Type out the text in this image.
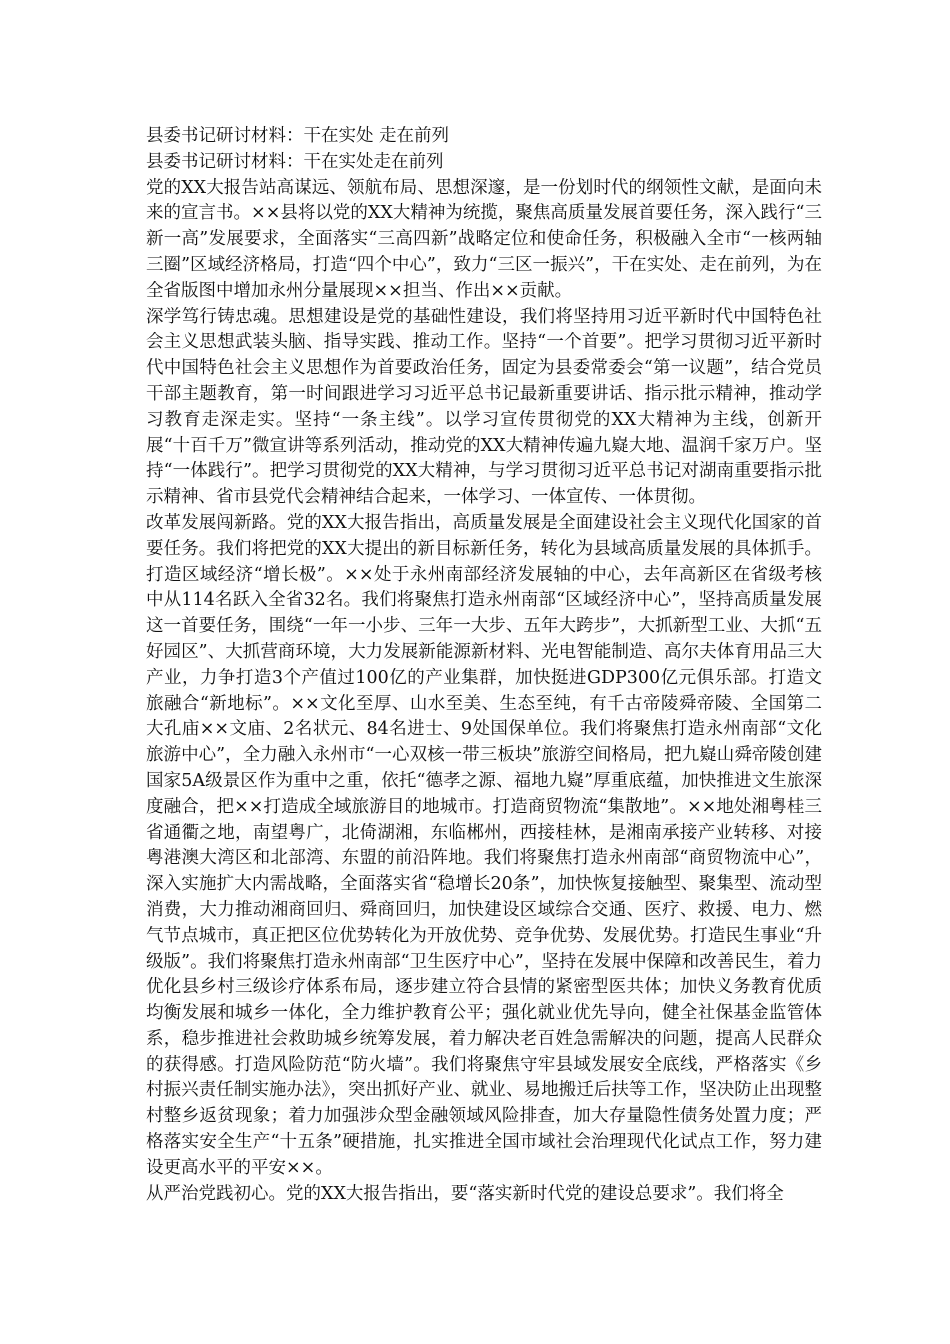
县委书记研讨材料：干在实处 走在前列

县委书记研讨材料：干在实处走在前列

党的XX大报告站高谋远、领航布局、思想深邃，是一份划时代的纲领性文献，是面向未来的宣言书。××县将以党的XX大精神为统揽，聚焦高质量发展首要任务，深入践行“三新一高”发展要求，全面落实“三高四新”战略定位和使命任务，积极融入全市“一核两轴三圈”区域经济格局，打造“四个中心”，致力“三区一振兴”，干在实处、走在前列，为在全省版图中增加永州分量展现××担当、作出××贡献。

深学笃行铸忠魂。思想建设是党的基础性建设，我们将坚持用习近平新时代中国特色社会主义思想武装头脑、指导实践、推动工作。坚持“一个首要”。把学习贯彻习近平新时代中国特色社会主义思想作为首要政治任务，固定为县委常委会“第一议题”，结合党员干部主题教育，第一时间跟进学习习近平总书记最新重要讲话、指示批示精神，推动学习教育走深走实。坚持“一条主线”。以学习宣传贯彻党的XX大精神为主线，创新开展“十百千万”微宣讲等系列活动，推动党的XX大精神传遍九嶷大地、温润千家万户。坚持“一体践行”。把学习贯彻党的XX大精神，与学习贯彻习近平总书记对湖南重要指示批示精神、省市县党代会精神结合起来，一体学习、一体宣传、一体贯彻。

改革发展闯新路。党的XX大报告指出，高质量发展是全面建设社会主义现代化国家的首要任务。我们将把党的XX大提出的新目标新任务，转化为县域高质量发展的具体抓手。打造区域经济“增长极”。××处于永州南部经济发展轴的中心，去年高新区在省级考核中从114名跃入全省32名。我们将聚焦打造永州南部“区域经济中心”，坚持高质量发展这一首要任务，围绕“一年一小步、三年一大步、五年大跨步”，大抓新型工业、大抓“五好园区”、大抓营商环境，大力发展新能源新材料、光电智能制造、高尔夫体育用品三大产业，力争打造3个产值过100亿的产业集群，加快挺进GDP300亿元俱乐部。打造文旅融合“新地标”。××文化至厚、山水至美、生态至纯，有千古帝陵舜帝陵、全国第二大孔庙××文庙、2名状元、84名进士、9处国保单位。我们将聚焦打造永州南部“文化旅游中心”，全力融入永州市“一心双核一带三板块”旅游空间格局，把九嶷山舜帝陵创建国家5A级景区作为重中之重，依托“德孝之源、福地九嶷”厚重底蕴，加快推进文生旅深度融合，把××打造成全域旅游目的地城市。打造商贸物流“集散地”。××地处湘粤桂三省通衢之地，南望粤广，北倚湖湘，东临郴州，西接桂林，是湘南承接产业转移、对接粤港澳大湾区和北部湾、东盟的前沿阵地。我们将聚焦打造永州南部“商贸物流中心”，深入实施扩大内需战略，全面落实省“稳增长20条”，加快恢复接触型、聚集型、流动型消费，大力推动湘商回归、舜商回归，加快建设区域综合交通、医疗、救援、电力、燃气节点城市，真正把区位优势转化为开放优势、竞争优势、发展优势。打造民生事业“升级版”。我们将聚焦打造永州南部“卫生医疗中心”，坚持在发展中保障和改善民生，着力优化县乡村三级诊疗体系布局，逐步建立符合县情的紧密型医共体；加快义务教育优质均衡发展和城乡一体化，全力维护教育公平；强化就业优先导向，健全社保基金监管体系，稳步推进社会救助城乡统筹发展，着力解决老百姓急需解决的问题，提高人民群众的获得感。打造风险防范“防火墙”。我们将聚焦守牢县域发展安全底线，严格落实《乡村振兴责任制实施办法》，突出抓好产业、就业、易地搬迁后扶等工作，坚决防止出现整村整乡返贫现象；着力加强涉众型金融领域风险排查，加大存量隐性债务处置力度；严格落实安全生产“十五条”硬措施，扎实推进全国市域社会治理现代化试点工作，努力建设更高水平的平安××。

从严治党践初心。党的XX大报告指出，要“落实新时代党的建设总要求”。我们将全
